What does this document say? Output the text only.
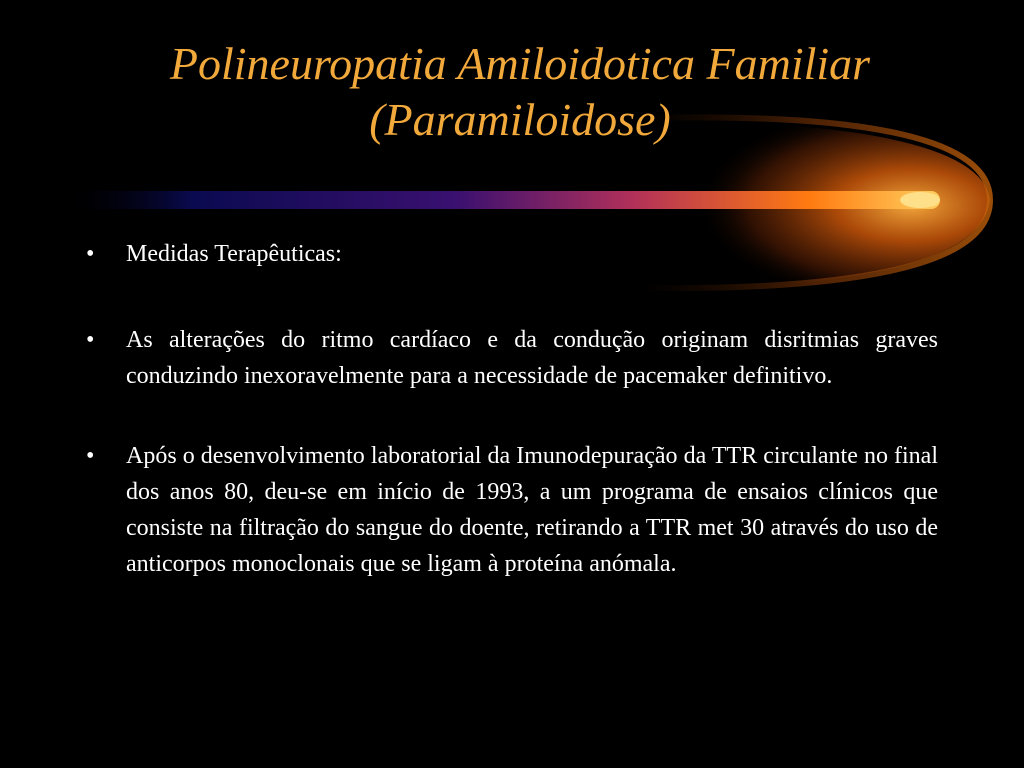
Polineuropatia Amiloidotica Familiar
(Paramiloidose)

•	Medidas Terapêuticas:

•	As alterações do ritmo cardíaco e da condução originam disritmias graves conduzindo inexoravelmente para a necessidade de pacemaker definitivo.

•	Após o desenvolvimento laboratorial da Imunodepuração da TTR circulante no final dos anos 80, deu-se em início de 1993, a um programa de ensaios clínicos que consiste na filtração do sangue do doente, retirando a TTR met 30 através do uso de anticorpos monoclonais que se ligam à proteína anómala.
